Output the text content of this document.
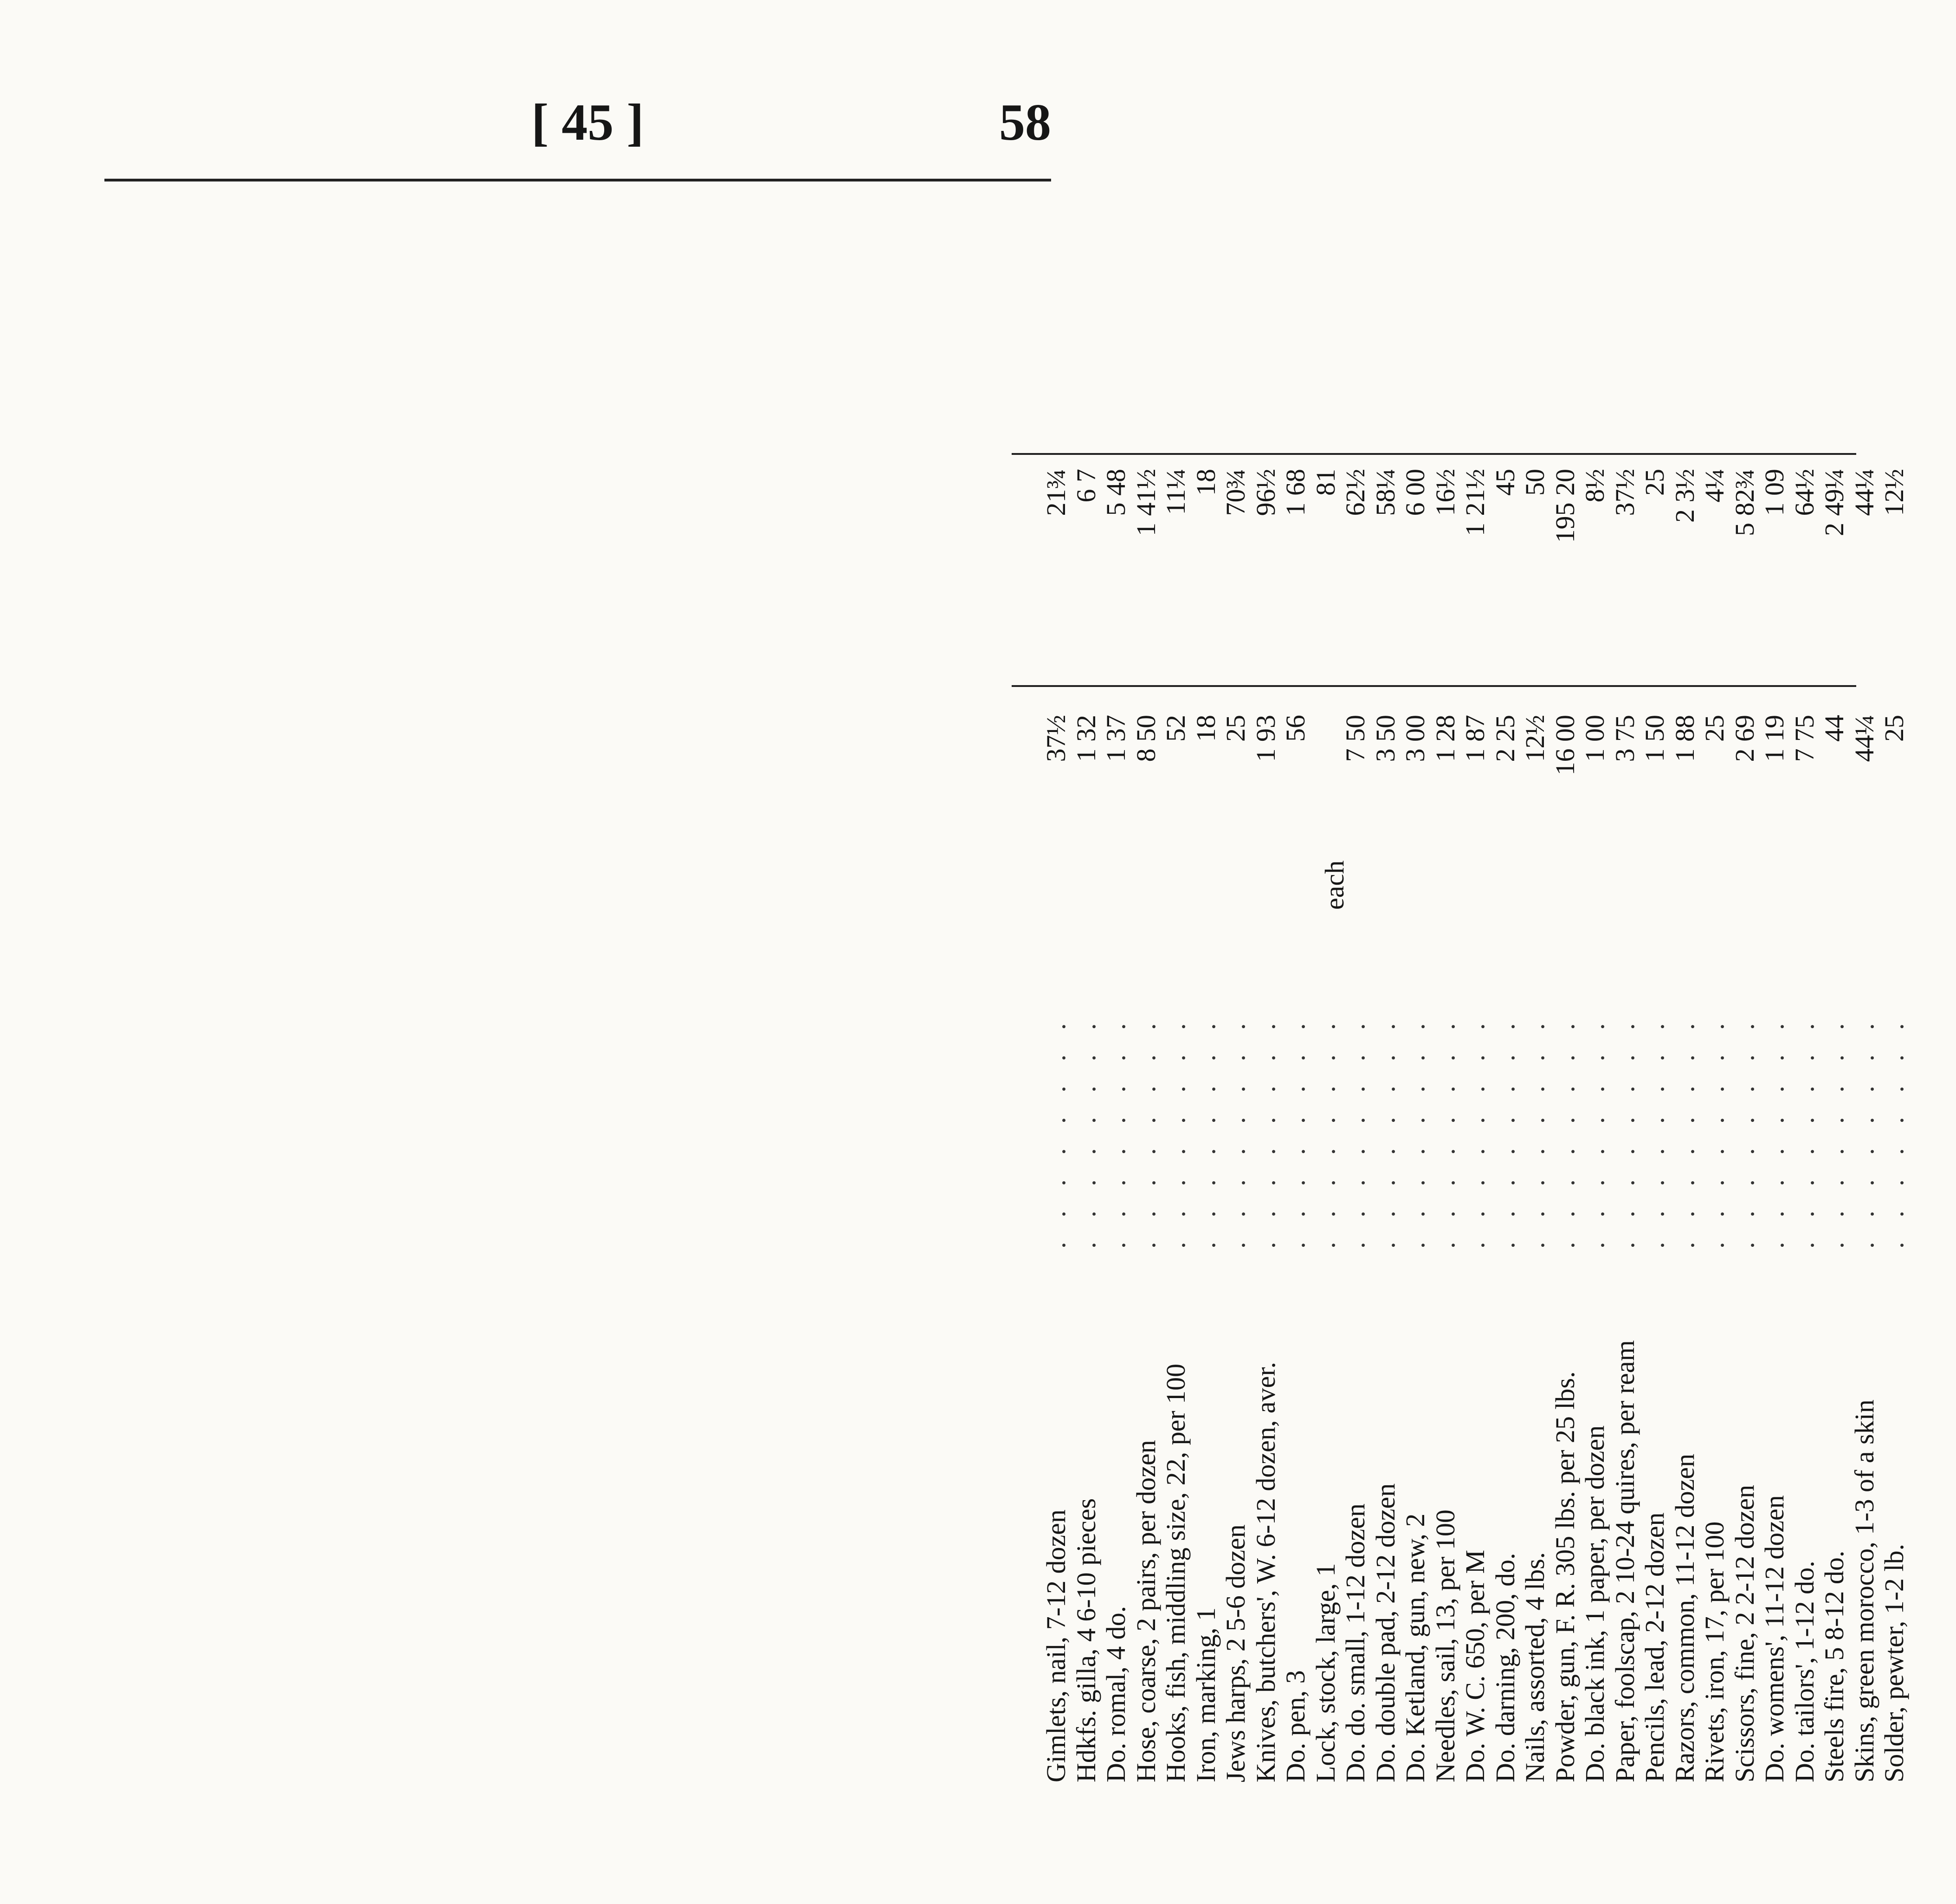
[ 45 ]	58
each
Gimlets, nail, 7-12 dozen
. . . . . . . .
37½
21¾
Hdkfs. gilla, 4 6-10 pieces
. . . . . . . .
1 32
6 7
Do. romal, 4 do.
. . . . . . . .
1 37
5 48
Hose, coarse, 2 pairs, per dozen
. . . . . . . .
8 50
1 41½
Hooks, fish, middling size, 22, per 100
. . . . . . . .
52
11¼
Iron, marking, 1
. . . . . . . .
18
18
Jews harps, 2 5-6 dozen
. . . . . . . .
25
70¾
Knives, butchers', W. 6-12 dozen, aver.
. . . . . . . .
1 93
96½
Do. pen, 3
. . . . . . . .
56
1 68
Lock, stock, large, 1
. . . . . . . .
81
Do. do. small, 1-12 dozen
. . . . . . . .
7 50
62½
Do. double pad, 2-12 dozen
. . . . . . . .
3 50
58¼
Do. Ketland, gun, new, 2
. . . . . . . .
3 00
6 00
Needles, sail, 13, per 100
. . . . . . . .
1 28
16½
Do. W. C. 650, per M
. . . . . . . .
1 87
1 21½
Do. darning, 200, do.
. . . . . . . .
2 25
45
Nails, assorted, 4 lbs.
. . . . . . . .
12½
50
Powder, gun, F. R. 305 lbs. per 25 lbs.
. . . . . . . .
16 00
195 20
Do. black ink, 1 paper, per dozen
. . . . . . . .
1 00
8½
Paper, foolscap, 2 10-24 quires, per ream
. . . . . . . .
3 75
37½
Pencils, lead, 2-12 dozen
. . . . . . . .
1 50
25
Razors, common, 11-12 dozen
. . . . . . . .
1 88
2 3½
Rivets, iron, 17, per 100
. . . . . . . .
25
4¼
Scissors, fine, 2 2-12 dozen
. . . . . . . .
2 69
5 82¾
Do. womens', 11-12 dozen
. . . . . . . .
1 19
1 09
Do. tailors', 1-12 do.
. . . . . . . .
7 75
64½
Steels fire, 5 8-12 do.
. . . . . . . .
44
2 49¼
Skins, green morocco, 1-3 of a skin
. . . . . . . .
44¼
44¼
Solder, pewter, 1-2 lb.
. . . . . . . .
25
12½
